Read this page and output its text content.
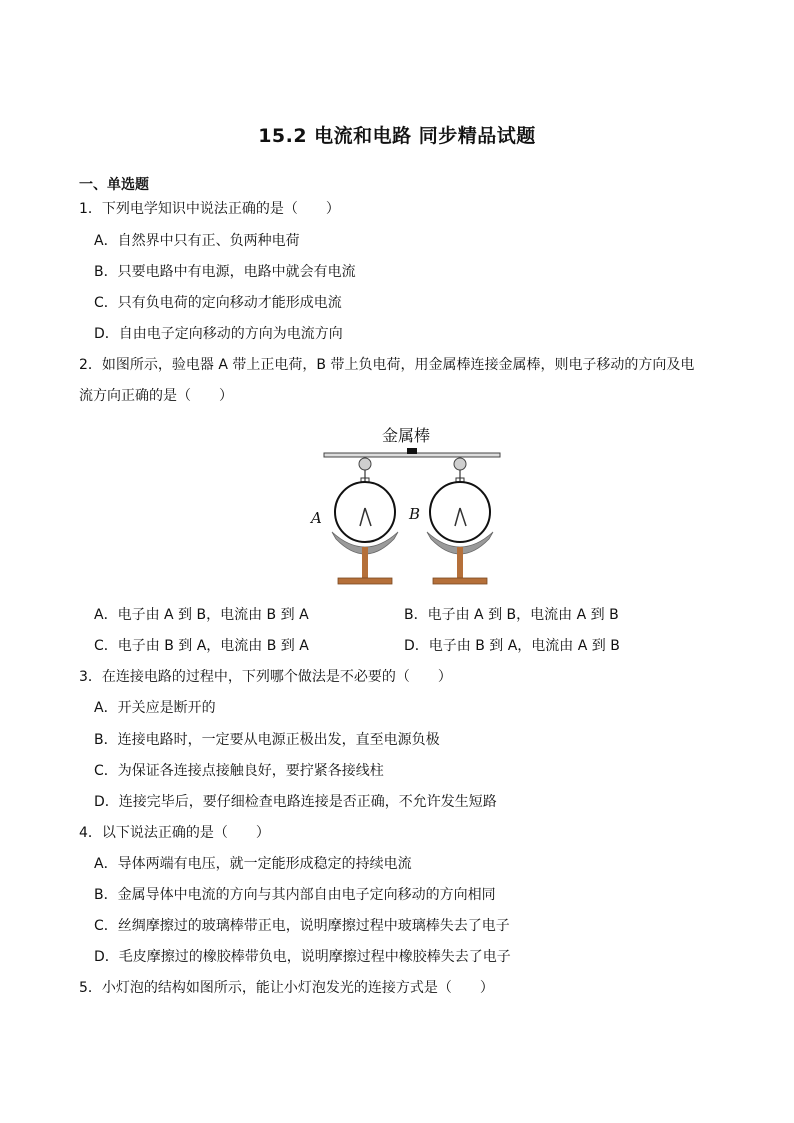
15.2 电流和电路 同步精品试题
一、单选题
1．下列电学知识中说法正确的是（　　）
A．自然界中只有正、负两种电荷
B．只要电路中有电源，电路中就会有电流
C．只有负电荷的定向移动才能形成电流
D．自由电子定向移动的方向为电流方向
2．如图所示，验电器 A 带上正电荷，B 带上负电荷，用金属棒连接金属棒，则电子移动的方向及电
流方向正确的是（　　）
金属棒
A	B
A．电子由 A 到 B，电流由 B 到 A	B．电子由 A 到 B，电流由 A 到 B
C．电子由 B 到 A，电流由 B 到 A	D．电子由 B 到 A，电流由 A 到 B
3．在连接电路的过程中，下列哪个做法是不必要的（　　）
A．开关应是断开的
B．连接电路时，一定要从电源正极出发，直至电源负极
C．为保证各连接点接触良好，要拧紧各接线柱
D．连接完毕后，要仔细检查电路连接是否正确，不允许发生短路
4．以下说法正确的是（　　）
A．导体两端有电压，就一定能形成稳定的持续电流
B．金属导体中电流的方向与其内部自由电子定向移动的方向相同
C．丝绸摩擦过的玻璃棒带正电，说明摩擦过程中玻璃棒失去了电子
D．毛皮摩擦过的橡胶棒带负电，说明摩擦过程中橡胶棒失去了电子
5．小灯泡的结构如图所示，能让小灯泡发光的连接方式是（　　）
